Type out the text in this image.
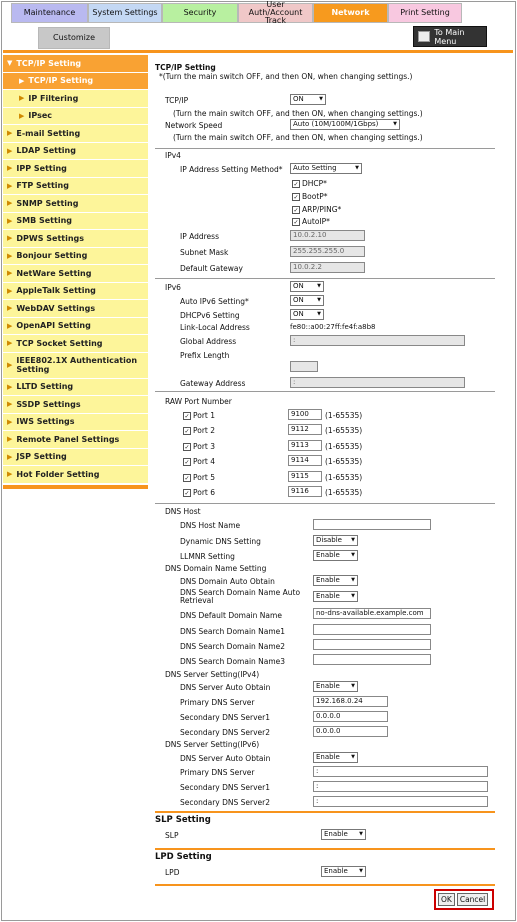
Maintenance	System Settings	Security
User Auth/Account Track
Network	Print Setting
Customize
To Main Menu
▼ TCP/IP Setting
▶ TCP/IP Setting
▶ IP Filtering
▶ IPsec
▶ E-mail Setting
▶ LDAP Setting
▶ IPP Setting
▶ FTP Setting
▶ SNMP Setting
▶ SMB Setting
▶ DPWS Settings
▶ Bonjour Setting
▶ NetWare Setting
▶ AppleTalk Setting
▶ WebDAV Settings
▶ OpenAPI Setting
▶ TCP Socket Setting
▶ IEEE802.1X Authentication Setting
▶ LLTD Setting
▶ SSDP Settings
▶ IWS Settings
▶ Remote Panel Settings
▶ JSP Setting
▶ Hot Folder Setting
TCP/IP Setting
*(Turn the main switch OFF, and then ON, when changing settings.)
TCP/IP	ON ▼
(Turn the main switch OFF, and then ON, when changing settings.)
Network Speed	Auto (10M/100M/1Gbps) ▼
(Turn the main switch OFF, and then ON, when changing settings.)
IPv4
IP Address Setting Method*	Auto Setting ▼
✓ DHCP*
✓ BootP*
✓ ARP/PING*
✓ AutoIP*
IP Address	10.0.2.10
Subnet Mask	255.255.255.0
Default Gateway	10.0.2.2
IPv6	ON ▼
Auto IPv6 Setting*	ON ▼
DHCPv6 Setting	ON ▼
Link-Local Address	fe80::a00:27ff:fe4f:a8b8
Global Address	:
Prefix Length
Gateway Address	:
RAW Port Number
✓ Port 1	9100	(1-65535)
✓ Port 2	9112	(1-65535)
✓ Port 3	9113	(1-65535)
✓ Port 4	9114	(1-65535)
✓ Port 5	9115	(1-65535)
✓ Port 6	9116	(1-65535)
DNS Host
DNS Host Name
Dynamic DNS Setting	Disable ▼
LLMNR Setting	Enable ▼
DNS Domain Name Setting
DNS Domain Auto Obtain	Enable ▼
DNS Search Domain Name Auto Retrieval	Enable ▼
DNS Default Domain Name	no-dns-available.example.com
DNS Search Domain Name1
DNS Search Domain Name2
DNS Search Domain Name3
DNS Server Setting(IPv4)
DNS Server Auto Obtain	Enable ▼
Primary DNS Server	192.168.0.24
Secondary DNS Server1	0.0.0.0
Secondary DNS Server2	0.0.0.0
DNS Server Setting(IPv6)
DNS Server Auto Obtain	Enable ▼
Primary DNS Server	:
Secondary DNS Server1	:
Secondary DNS Server2	:
SLP Setting
SLP	Enable ▼
LPD Setting
LPD	Enable ▼
OK	Cancel
